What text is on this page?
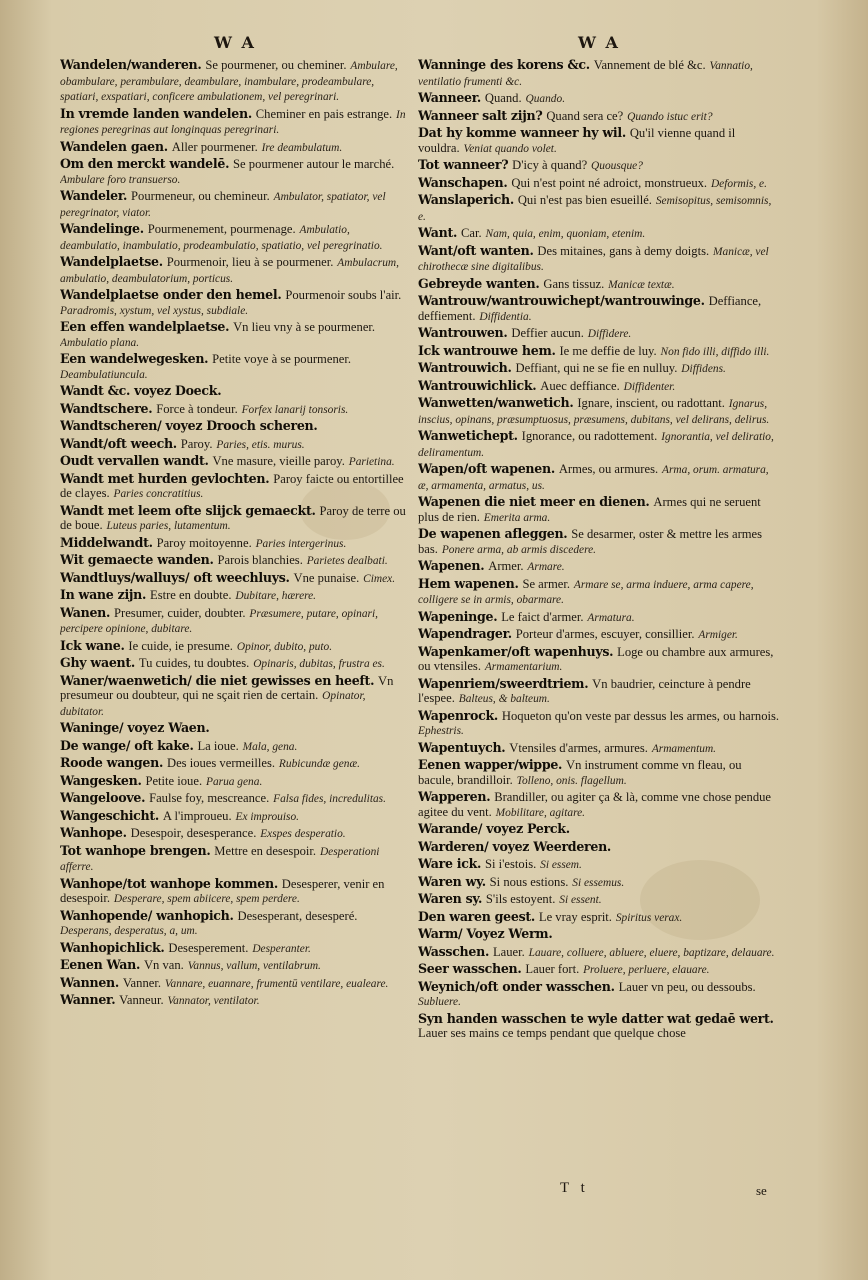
W A
Wandelen/wanderen. Se pourmener, ou cheminer. Ambulare, obambulare, perambulare, deambulare, inambulare, prodeambulare, spatiari, exspatiari, conficere ambulationem, vel peregrinari.
In vremde landen wandelen. Cheminer en pais estrange. In regiones peregrinas aut longinquas peregrinari.
Wandelen gaen. Aller pourmener. Ire deambulatum.
Om den merckt wandelē. Se pourmener autour le marché. Ambulare foro transuerso.
Wandeler. Pourmeneur, ou chemineur. Ambulator, spatiator, vel peregrinator, viator.
Wandelinge. Pourmenement, pourmenage. Ambulatio, deambulatio, inambulatio, prodeambulatio, spatiatio, vel peregrinatio.
Wandelplaetse. Pourmenoir, lieu à se pourmener. Ambulacrum, ambulatio, deambulatorium, porticus.
Wandelplaetse onder den hemel. Pourmenoir soubs l'air. Paradromis, xystum, vel xystus, subdiale.
Een effen wandelplaetse. Vn lieu vny à se pourmener. Ambulatio plana.
Een wandelwegesken. Petite voye à se pourmener. Deambulatiuncula.
Wandt &c. voyez Doeck.
Wandtschere. Force à tondeur. Forfex lanarij tonsoris.
Wandtscheren/ voyez Drooch scheren.
Wandt/oft weech. Paroy. Paries, etis. murus.
Oudt vervallen wandt. Vne masure, vieille paroy. Parietina.
Wandt met hurden gevlochten. Paroy faicte ou entortillee de clayes. Paries concratitius.
Wandt met leem ofte slijck gemaeckt. Paroy de terre ou de boue. Luteus paries, lutamentum.
Middelwandt. Paroy moitoyenne. Paries intergerinus.
Wit gemaecte wanden. Parois blanchies. Parietes dealbati.
Wandtluys/walluys/ oft weechluys. Vne punaise. Cimex.
In wane zijn. Estre en doubte. Dubitare, hærere.
Wanen. Presumer, cuider, doubter. Præsumere, putare, opinari, percipere opinione, dubitare.
Ick wane. Ie cuide, ie presume. Opinor, dubito, puto.
Ghy waent. Tu cuides, tu doubtes. Opinaris, dubitas, frustra es.
Waner/waenwetich/ die niet gewisses en heeft. Vn presumeur ou doubteur, qui ne sçait rien de certain. Opinator, dubitator.
Waninge/ voyez Waen.
De wange/ oft kake. La ioue. Mala, gena.
Roode wangen. Des ioues vermeilles. Rubicundæ genæ.
Wangesken. Petite ioue. Parua gena.
Wangeloove. Faulse foy, mescreance. Falsa fides, incredulitas.
Wangeschicht. A l'improueu. Ex improuiso.
Wanhope. Desespoir, desesperance. Exspes desperatio.
Tot wanhope brengen. Mettre en desespoir. Desperationi afferre.
Wanhope/tot wanhope kommen. Desesperer, venir en desespoir. Desperare, spem abiicere, spem perdere.
Wanhopende/ wanhopich. Desesperant, desesperé. Desperans, desperatus, a, um.
Wanhopichlick. Desesperement. Desperanter.
Eenen Wan. Vn van. Vannus, vallum, ventilabrum.
Wannen. Vanner. Vannare, euannare, frumentū ventilare, eualeare.
Wanner. Vanneur. Vannator, ventilator.
W A
Wanninge des korens &c. Vannement de blé &c. Vannatio, ventilatio frumenti &c.
Wanneer. Quand. Quando.
Wanneer salt zijn? Quand sera ce? Quando istuc erit?
Dat hy komme wanneer hy wil. Qu'il vienne quand il vouldra. Veniat quando volet.
Tot wanneer? D'icy à quand? Quousque?
Wanschapen. Qui n'est point né adroict, monstrueux. Deformis, e.
Wanslaperich. Qui n'est pas bien esueillé. Semisopitus, semisomnis, e.
Want. Car. Nam, quia, enim, quoniam, etenim.
Want/oft wanten. Des mitaines, gans à demy doigts. Manicæ, vel chirothecæ sine digitalibus.
Gebreyde wanten. Gans tissuz. Manicæ textæ.
Wantrouw/wantrouwichept/wantrouwinge. Deffiance, deffiement. Diffidentia.
Wantrouwen. Deffier aucun. Diffidere.
Ick wantrouwe hem. Ie me deffie de luy. Non fido illi, diffido illi.
Wantrouwich. Deffiant, qui ne se fie en nulluy. Diffidens.
Wantrouwichlick. Auec deffiance. Diffidenter.
Wanwetten/wanwetich. Ignare, inscient, ou radottant. Ignarus, inscius, opinans, præsumptuosus, præsumens, dubitans, vel delirans, delirus.
Wanwetichept. Ignorance, ou radottement. Ignorantia, vel deliratio, deliramentum.
Wapen/oft wapenen. Armes, ou armures. Arma, orum. armatura, æ, armamenta, armatus, us.
Wapenen die niet meer en dienen. Armes qui ne seruent plus de rien. Emerita arma.
De wapenen afleggen. Se desarmer, oster & mettre les armes bas. Ponere arma, ab armis discedere.
Wapenen. Armer. Armare.
Hem wapenen. Se armer. Armare se, arma induere, arma capere, colligere se in armis, obarmare.
Wapeninge. Le faict d'armer. Armatura.
Wapendrager. Porteur d'armes, escuyer, consillier. Armiger.
Wapenkamer/oft wapenhuys. Loge ou chambre aux armures, ou vtensiles. Armamentarium.
Wapenriem/sweerdtriem. Vn baudrier, ceincture à pendre l'espee. Balteus, & balteum.
Wapenrock. Hoqueton qu'on veste par dessus les armes, ou harnois. Ephestris.
Wapentuych. Vtensiles d'armes, armures. Armamentum.
Eenen wapper/wippe. Vn instrument comme vn fleau, ou bacule, brandilloir. Tolleno, onis. flagellum.
Wapperen. Brandiller, ou agiter ça & là, comme vne chose pendue agitee du vent. Mobilitare, agitare.
Warande/ voyez Perck.
Warderen/ voyez Weerderen.
Ware ick. Si i'estois. Si essem.
Waren wy. Si nous estions. Si essemus.
Waren sy. S'ils estoyent. Si essent.
Den waren geest. Le vray esprit. Spiritus verax.
Warm/ Voyez Werm.
Wasschen. Lauer. Lauare, colluere, abluere, eluere, baptizare, delauare.
Seer wasschen. Lauer fort. Proluere, perluere, elauare.
Weynich/oft onder wasschen. Lauer vn peu, ou dessoubs. Subluere.
Syn handen wasschen te wyle datter wat gedaē wert. Lauer ses mains ce temps pendant que quelque chose
T t	se
